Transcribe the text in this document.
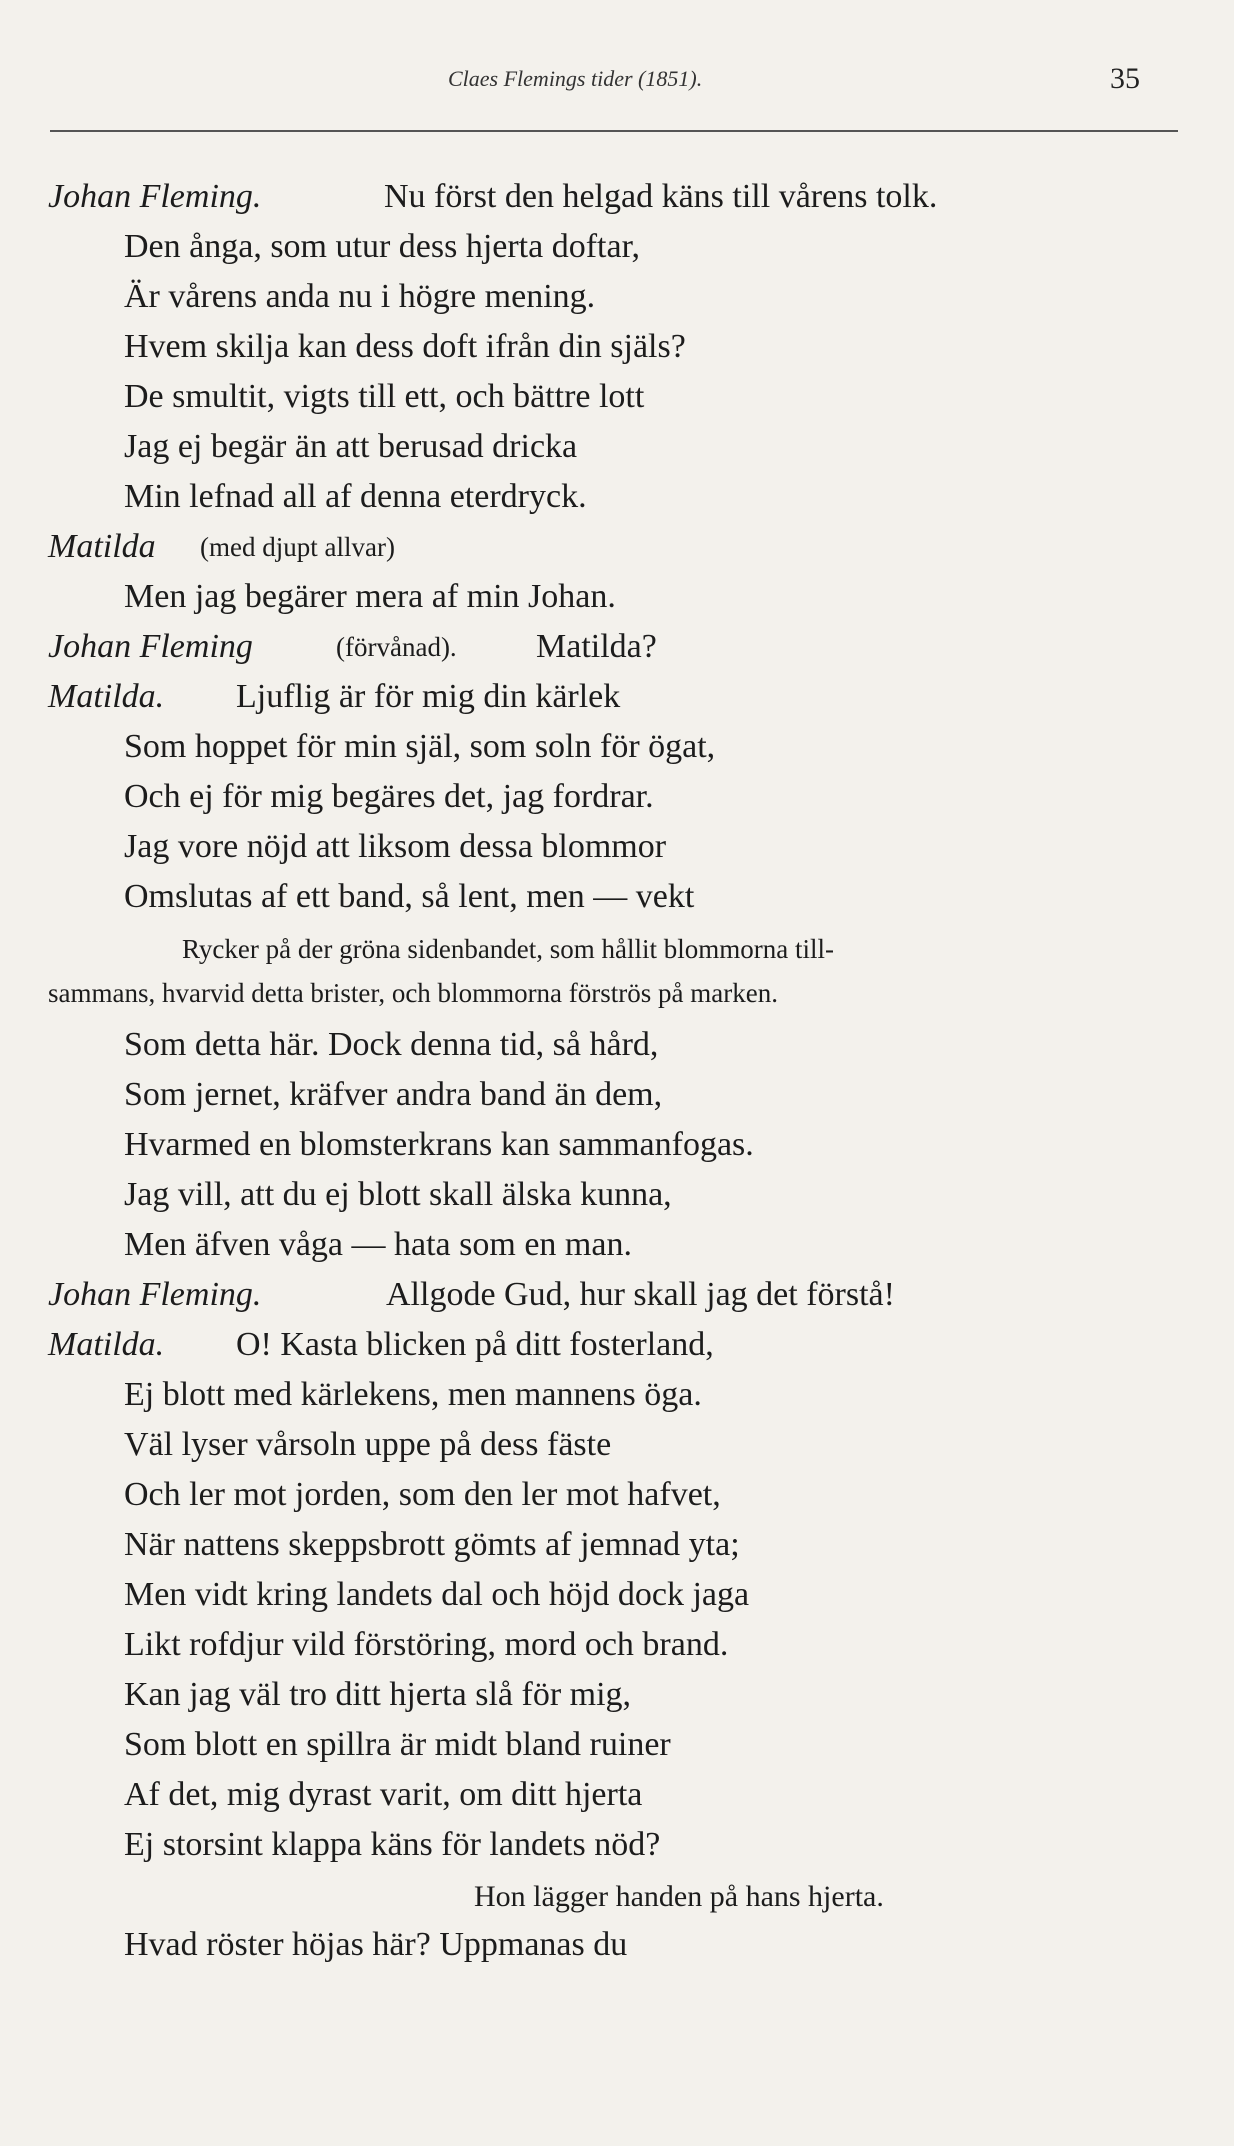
Claes Flemings tider (1851).	35
Johan Fleming.	Nu först den helgad käns till vårens tolk.
Den ånga, som utur dess hjerta doftar,
Är vårens anda nu i högre mening.
Hvem skilja kan dess doft ifrån din själs?
De smultit, vigts till ett, och bättre lott
Jag ej begär än att berusad dricka
Min lefnad all af denna eterdryck.
Matilda (med djupt allvar)
Men jag begärer mera af min Johan.
Johan Fleming	(förvånad). Matilda?
Matilda. Ljuflig är för mig din kärlek
Som hoppet för min själ, som soln för ögat,
Och ej för mig begäres det, jag fordrar.
Jag vore nöjd att liksom dessa blommor
Omslutas af ett band, så lent, men — vekt
Rycker på der gröna sidenbandet, som hållit blommorna till-
sammans, hvarvid detta brister, och blommorna förströs på marken.
Som detta här. Dock denna tid, så hård,
Som jernet, kräfver andra band än dem,
Hvarmed en blomsterkrans kan sammanfogas.
Jag vill, att du ej blott skall älska kunna,
Men äfven våga — hata som en man.
Johan Fleming.	Allgode Gud, hur skall jag det förstå!
Matilda. O! Kasta blicken på ditt fosterland,
Ej blott med kärlekens, men mannens öga.
Väl lyser vårsoln uppe på dess fäste
Och ler mot jorden, som den ler mot hafvet,
När nattens skeppsbrott gömts af jemnad yta;
Men vidt kring landets dal och höjd dock jaga
Likt rofdjur vild förstöring, mord och brand.
Kan jag väl tro ditt hjerta slå för mig,
Som blott en spillra är midt bland ruiner
Af det, mig dyrast varit, om ditt hjerta
Ej storsint klappa käns för landets nöd?
Hon lägger handen på hans hjerta.
Hvad röster höjas här? Uppmanas du
